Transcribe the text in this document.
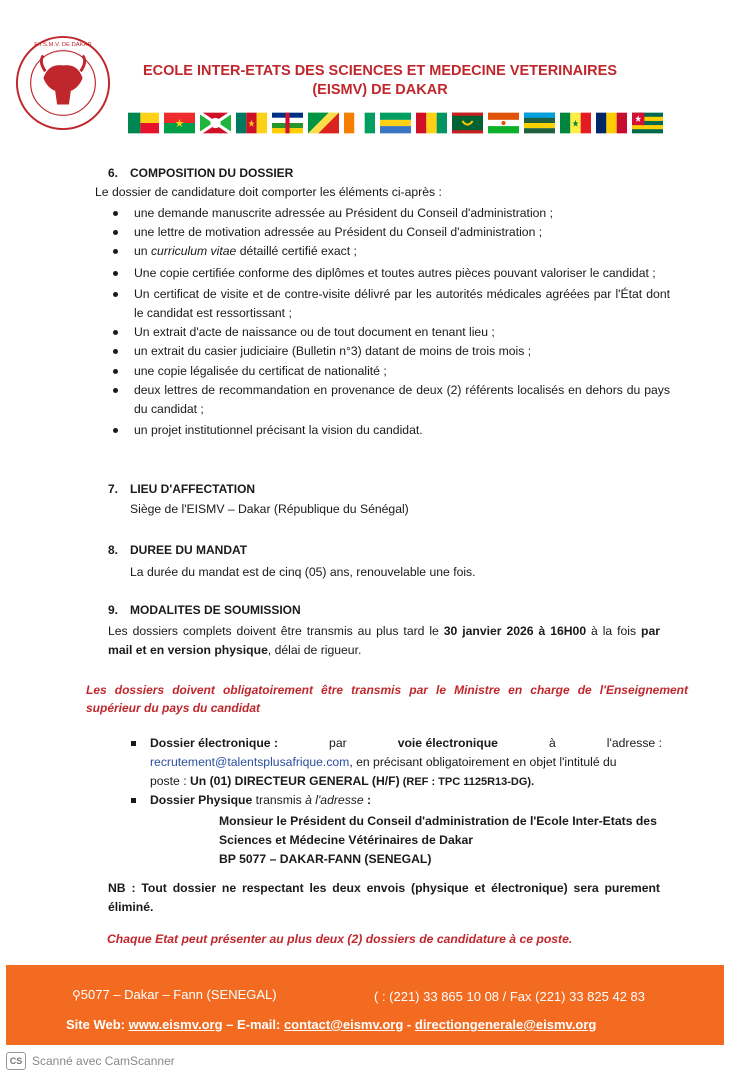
E.I.S.M.V. DE DAKAR
ECOLE INTER-ETATS DES SCIENCES ET MEDECINE VETERINAIRES
(EISMV) DE DAKAR
6. COMPOSITION DU DOSSIER
Le dossier de candidature doit comporter les éléments ci-après :
une demande manuscrite adressée au Président du Conseil d'administration ;
une lettre de motivation adressée au Président du Conseil d'administration ;
un curriculum vitae détaillé certifié exact ;
Une copie certifiée conforme des diplômes et toutes autres pièces pouvant valoriser le candidat ;
Un certificat de visite et de contre-visite délivré par les autorités médicales agréées par l'État dont le candidat est ressortissant ;
Un extrait d'acte de naissance ou de tout document en tenant lieu ;
un extrait du casier judiciaire (Bulletin n°3) datant de moins de trois mois ;
une copie légalisée du certificat de nationalité ;
deux lettres de recommandation en provenance de deux (2) référents localisés en dehors du pays du candidat ;
un projet institutionnel précisant la vision du candidat.
7. LIEU D'AFFECTATION
Siège de l'EISMV – Dakar (République du Sénégal)
8. DUREE DU MANDAT
La durée du mandat est de cinq (05) ans, renouvelable une fois.
9. MODALITES DE SOUMISSION
Les dossiers complets doivent être transmis au plus tard le 30 janvier 2026 à 16H00 à la fois par mail et en version physique, délai de rigueur.
Les dossiers doivent obligatoirement être transmis par le Ministre en charge de l'Enseignement supérieur du pays du candidat
Dossier électronique :	par	voie électronique	à	l'adresse :
recrutement@talentsplusafrique.com, en précisant obligatoirement en objet l'intitulé du
poste : Un (01) DIRECTEUR GENERAL (H/F) (REF : TPC 1125R13-DG).
Dossier Physique transmis à l'adresse :
Monsieur le Président du Conseil d'administration de l'Ecole Inter-Etats des
Sciences et Médecine Vétérinaires de Dakar
BP 5077 – DAKAR-FANN (SENEGAL)
NB : Tout dossier ne respectant les deux envois (physique et électronique) sera purement éliminé.
Chaque Etat peut présenter au plus deux (2) dossiers de candidature à ce poste.
⚲5077 – Dakar – Fann (SENEGAL)	( : (221) 33 865 10 08 / Fax (221) 33 825 42 83
Site Web: www.eismv.org – E-mail: contact@eismv.org - directiongenerale@eismv.org
CS Scanné avec CamScanner
